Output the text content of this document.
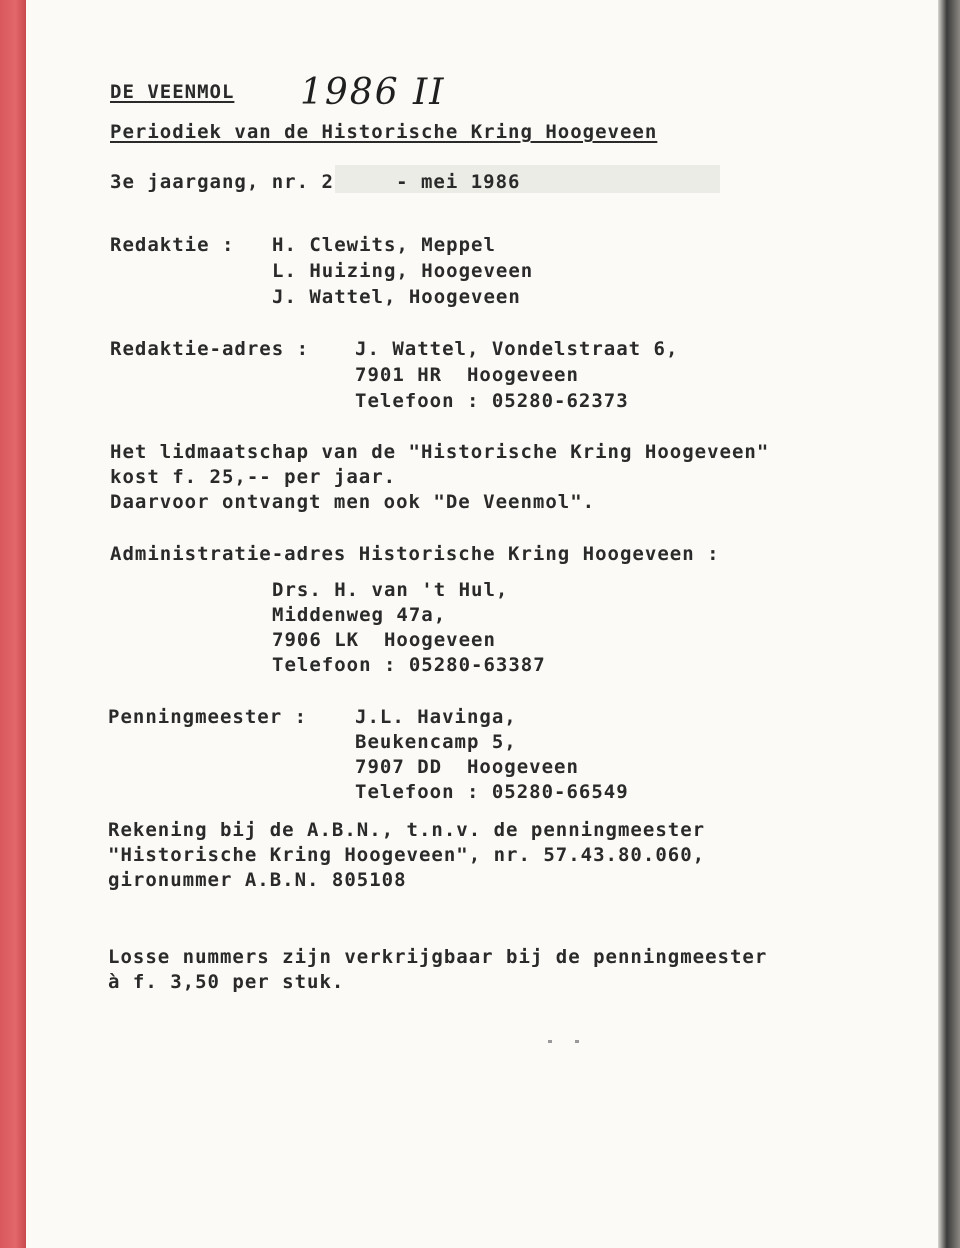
DE VEENMOL 1986 II
Periodiek van de Historische Kring Hoogeveen
3e jaargang, nr. 2     - mei 1986
Redaktie : H. Clewits, Meppel
L. Huizing, Hoogeveen
J. Wattel, Hoogeveen
Redaktie-adres : J. Wattel, Vondelstraat 6,
7901 HR  Hoogeveen
Telefoon : 05280-62373
Het lidmaatschap van de "Historische Kring Hoogeveen"
kost f. 25,-- per jaar.
Daarvoor ontvangt men ook "De Veenmol".
Administratie-adres Historische Kring Hoogeveen :
Drs. H. van 't Hul,
Middenweg 47a,
7906 LK  Hoogeveen
Telefoon : 05280-63387
Penningmeester :	J.L. Havinga,
Beukencamp 5,
7907 DD  Hoogeveen
Telefoon : 05280-66549
Rekening bij de A.B.N., t.n.v. de penningmeester
"Historische Kring Hoogeveen", nr. 57.43.80.060,
gironummer A.B.N. 805108
Losse nummers zijn verkrijgbaar bij de penningmeester
à f. 3,50 per stuk.
